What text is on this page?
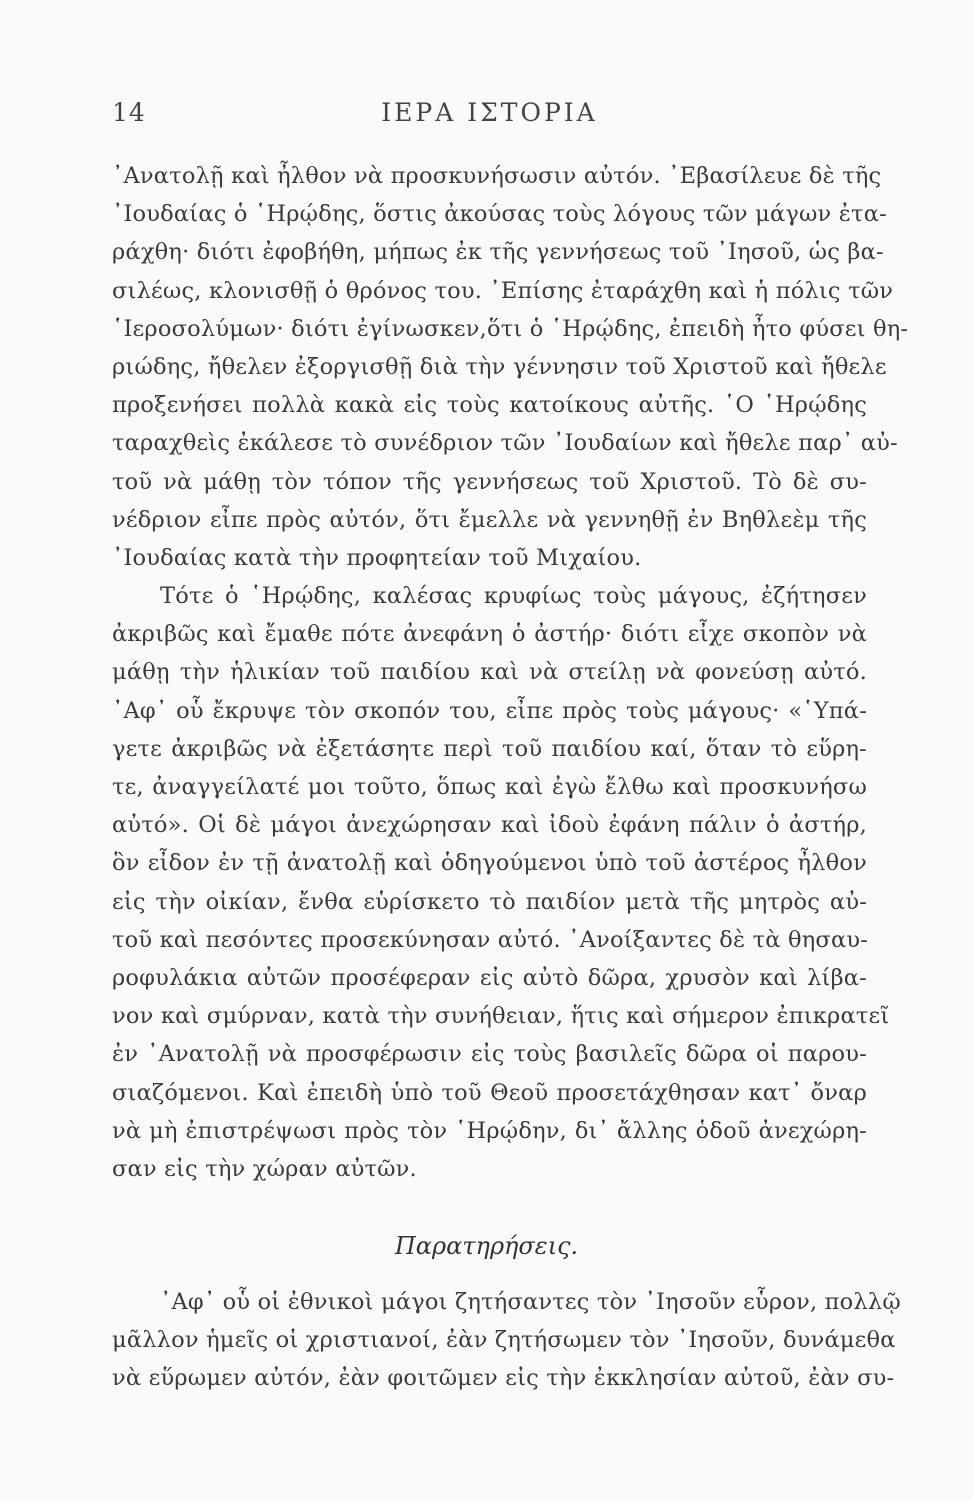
14	ΙΕΡΑ ΙΣΤΟΡΙΑ
᾽Ανατολῇ καὶ ἦλθον νὰ προσκυνήσωσιν αὐτόν. ᾽Εβασίλευε δὲ τῆς
᾽Ιουδαίας ὁ ῾Ηρῴδης, ὅστις ἀκούσας τοὺς λόγους τῶν μάγων ἐτα-
ράχθη· διότι ἐφοβήθη, μήπως ἐκ τῆς γεννήσεως τοῦ ᾽Ιησοῦ, ὡς βα-
σιλέως, κλονισθῇ ὁ θρόνος του. ᾽Επίσης ἐταράχθη καὶ ἡ πόλις τῶν
῾Ιεροσολύμων· διότι ἐγίνωσκεν,ὅτι ὁ ῾Ηρῴδης, ἐπειδὴ ἦτο φύσει θη-
ριώδης, ἤθελεν ἐξοργισθῇ διὰ τὴν γέννησιν τοῦ Χριστοῦ καὶ ἤθελε
προξενήσει πολλὰ κακὰ εἰς τοὺς κατοίκους αὐτῆς. ῾Ο ῾Ηρῴδης
ταραχθεὶς ἐκάλεσε τὸ συνέδριον τῶν ᾽Ιουδαίων καὶ ἤθελε παρ᾽ αὐ-
τοῦ νὰ μάθῃ τὸν τόπον τῆς γεννήσεως τοῦ Χριστοῦ. Τὸ δὲ συ-
νέδριον εἶπε πρὸς αὐτόν, ὅτι ἔμελλε νὰ γεννηθῇ ἐν Βηθλεὲμ τῆς
᾽Ιουδαίας κατὰ τὴν προφητείαν τοῦ Μιχαίου.
Τότε ὁ ῾Ηρῴδης, καλέσας κρυφίως τοὺς μάγους, ἐζήτησεν
ἀκριβῶς καὶ ἔμαθε πότε ἀνεφάνη ὁ ἀστήρ· διότι εἶχε σκοπὸν νὰ
μάθῃ τὴν ἡλικίαν τοῦ παιδίου καὶ νὰ στείλῃ νὰ φονεύσῃ αὐτό.
᾽Αφ᾽ οὗ ἔκρυψε τὸν σκοπόν του, εἶπε πρὸς τοὺς μάγους· «῾Υπά-
γετε ἀκριβῶς νὰ ἐξετάσητε περὶ τοῦ παιδίου καί, ὅταν τὸ εὕρη-
τε, ἀναγγείλατέ μοι τοῦτο, ὅπως καὶ ἐγὼ ἔλθω καὶ προσκυνήσω
αὐτό». Οἱ δὲ μάγοι ἀνεχώρησαν καὶ ἰδοὺ ἐφάνη πάλιν ὁ ἀστήρ,
ὃν εἶδον ἐν τῇ ἀνατολῇ καὶ ὁδηγούμενοι ὑπὸ τοῦ ἀστέρος ἦλθον
εἰς τὴν οἰκίαν, ἔνθα εὑρίσκετο τὸ παιδίον μετὰ τῆς μητρὸς αὐ-
τοῦ καὶ πεσόντες προσεκύνησαν αὐτό. ᾽Ανοίξαντες δὲ τὰ θησαυ-
ροφυλάκια αὐτῶν προσέφεραν εἰς αὐτὸ δῶρα, χρυσὸν καὶ λίβα-
νον καὶ σμύρναν, κατὰ τὴν συνήθειαν, ἥτις καὶ σήμερον ἐπικρατεῖ
ἐν ᾽Ανατολῇ νὰ προσφέρωσιν εἰς τοὺς βασιλεῖς δῶρα οἱ παρου-
σιαζόμενοι. Καὶ ἐπειδὴ ὑπὸ τοῦ Θεοῦ προσετάχθησαν κατ᾽ ὄναρ
νὰ μὴ ἐπιστρέψωσι πρὸς τὸν ῾Ηρῴδην, δι᾽ ἄλλης ὁδοῦ ἀνεχώρη-
σαν εἰς τὴν χώραν αὐτῶν.
Παρατηρήσεις.
᾽Αφ᾽ οὗ οἱ ἐθνικοὶ μάγοι ζητήσαντες τὸν ᾽Ιησοῦν εὗρον, πολλῷ
μᾶλλον ἡμεῖς οἱ χριστιανοί, ἐὰν ζητήσωμεν τὸν ᾽Ιησοῦν, δυνάμεθα
νὰ εὕρωμεν αὐτόν, ἐὰν φοιτῶμεν εἰς τὴν ἐκκλησίαν αὐτοῦ, ἐὰν συ-
